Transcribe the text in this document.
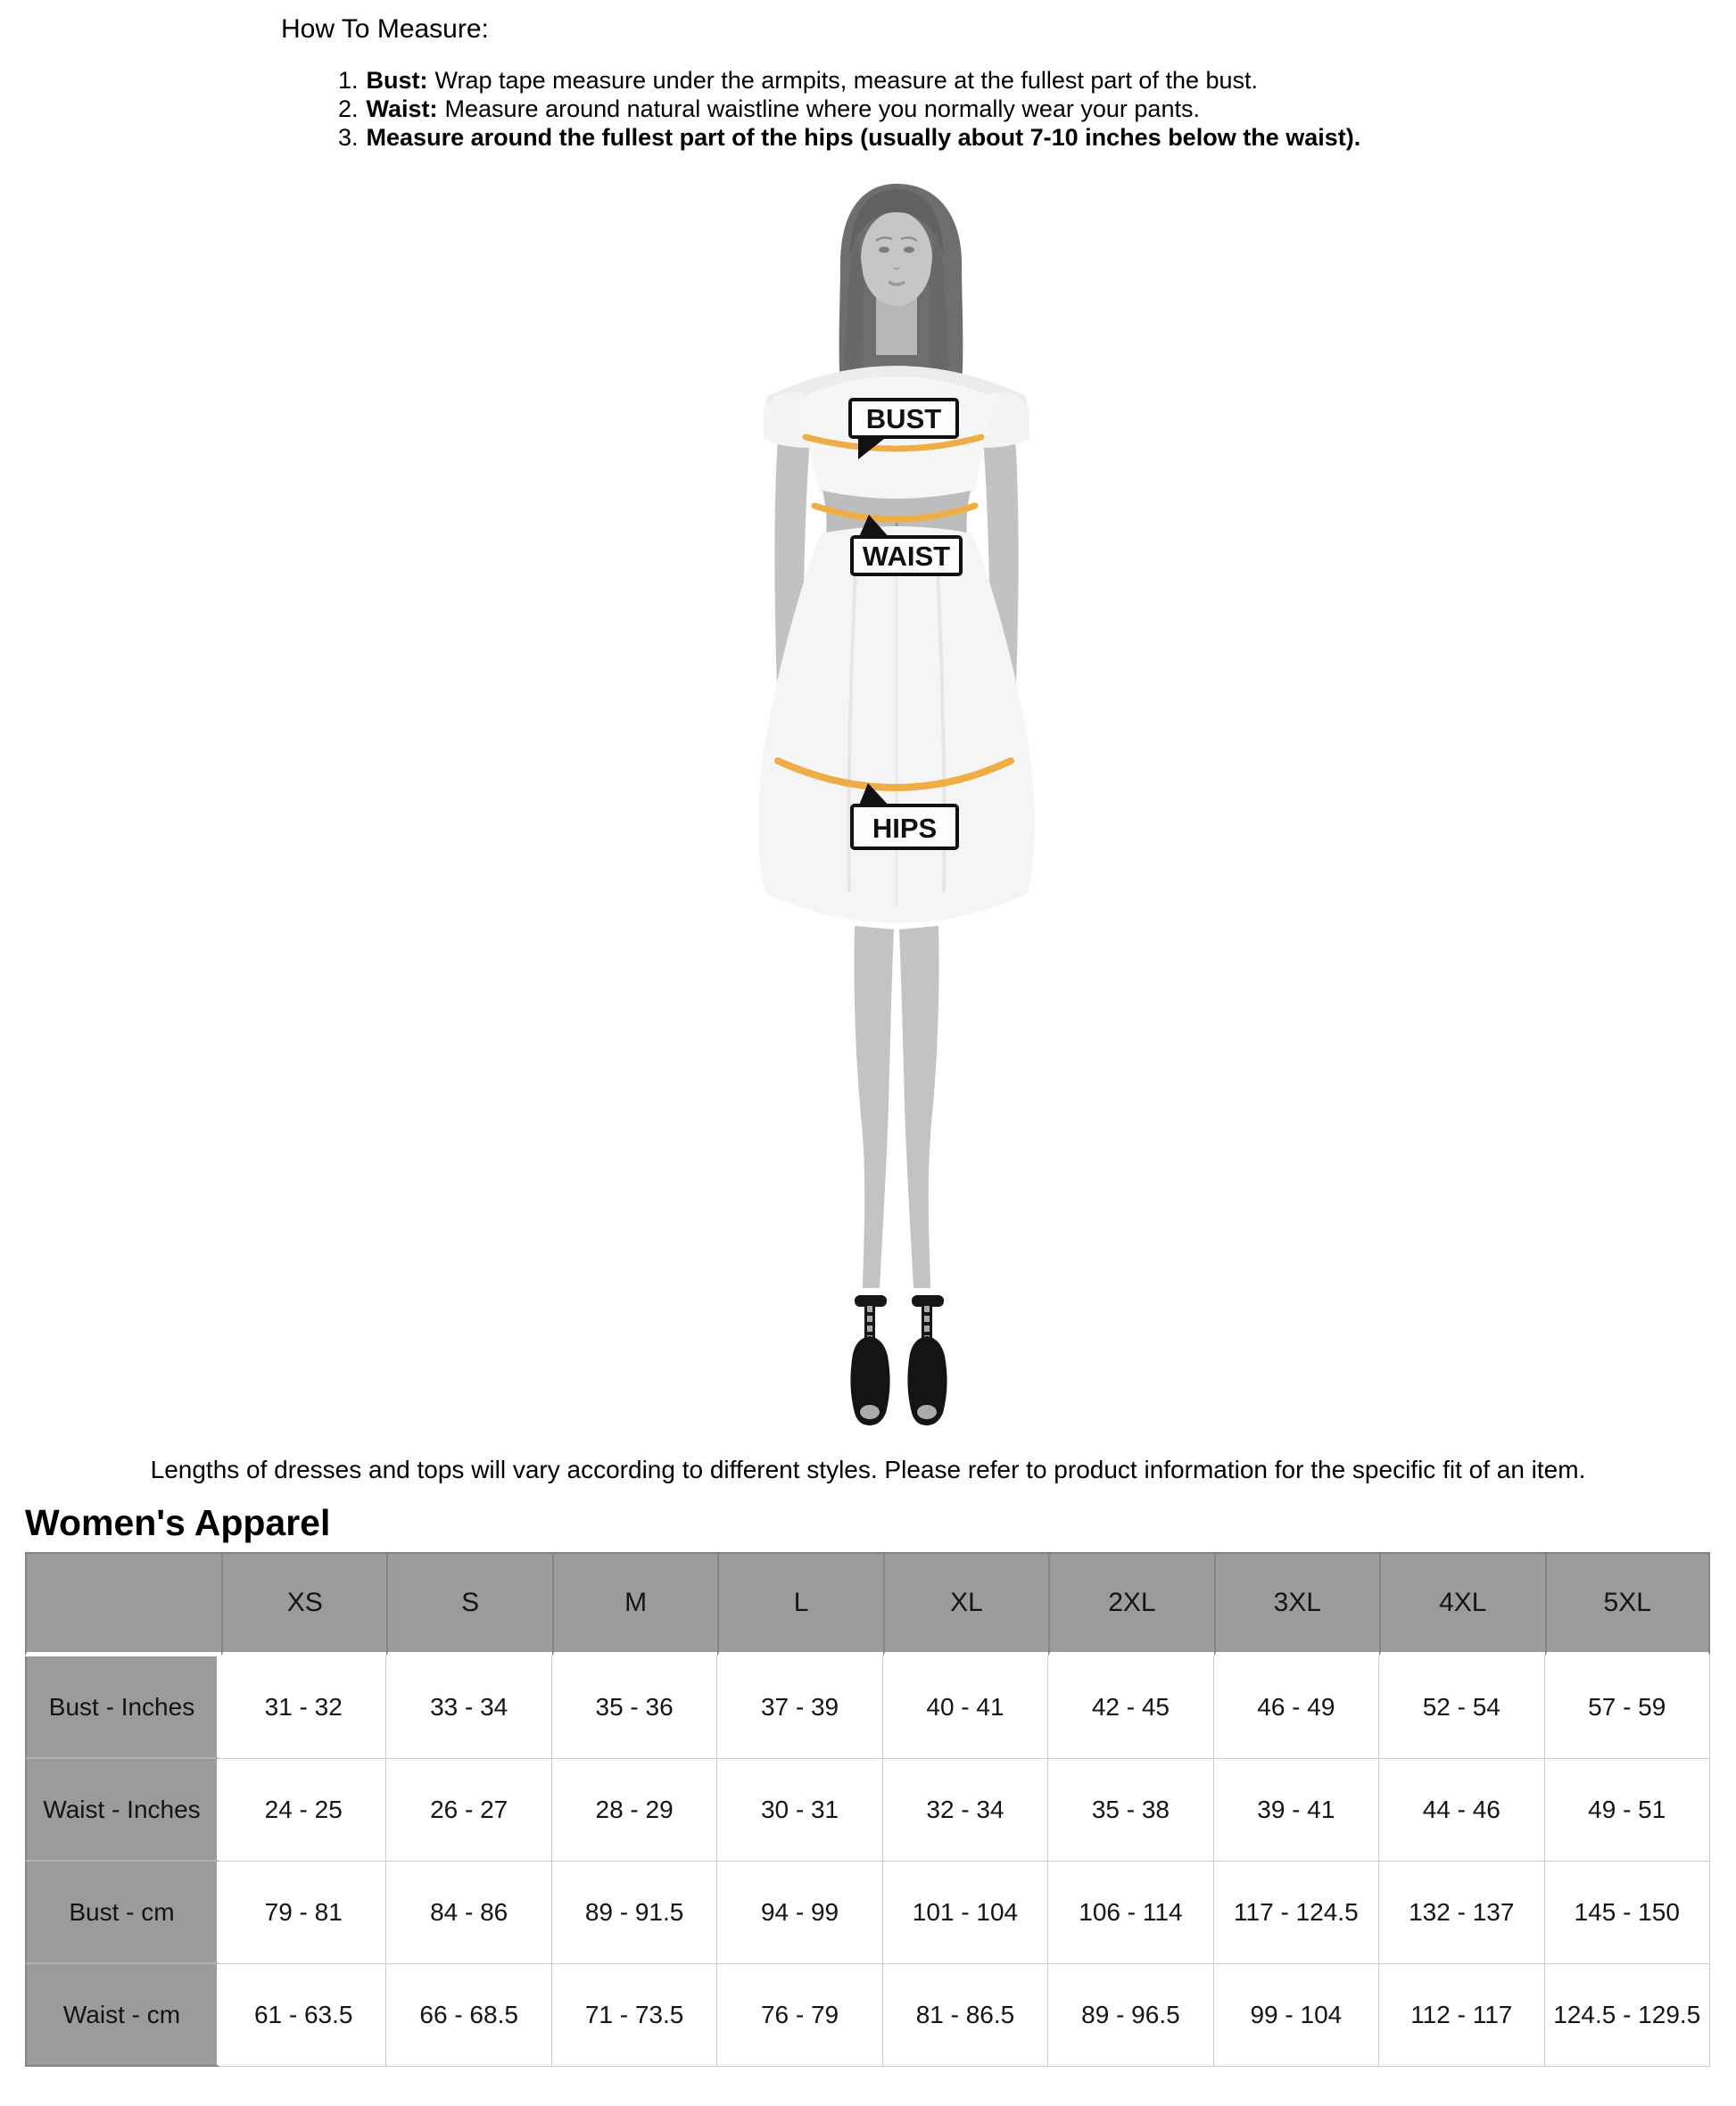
How To Measure:
1. Bust: Wrap tape measure under the armpits, measure at the fullest part of the bust.
2. Waist: Measure around natural waistline where you normally wear your pants.
3. Measure around the fullest part of the hips (usually about 7-10 inches below the waist).
BUST
WAIST
HIPS
Lengths of dresses and tops will vary according to different styles. Please refer to product information for the specific fit of an item.
Women's Apparel
	XS	S	M	L	XL	2XL	3XL	4XL	5XL
Bust - Inches	31 - 32	33 - 34	35 - 36	37 - 39	40 - 41	42 - 45	46 - 49	52 - 54	57 - 59
Waist - Inches	24 - 25	26 - 27	28 - 29	30 - 31	32 - 34	35 - 38	39 - 41	44 - 46	49 - 51
Bust - cm	79 - 81	84 - 86	89 - 91.5	94 - 99	101 - 104	106 - 114	117 - 124.5	132 - 137	145 - 150
Waist - cm	61 - 63.5	66 - 68.5	71 - 73.5	76 - 79	81 - 86.5	89 - 96.5	99 - 104	112 - 117	124.5 - 129.5
